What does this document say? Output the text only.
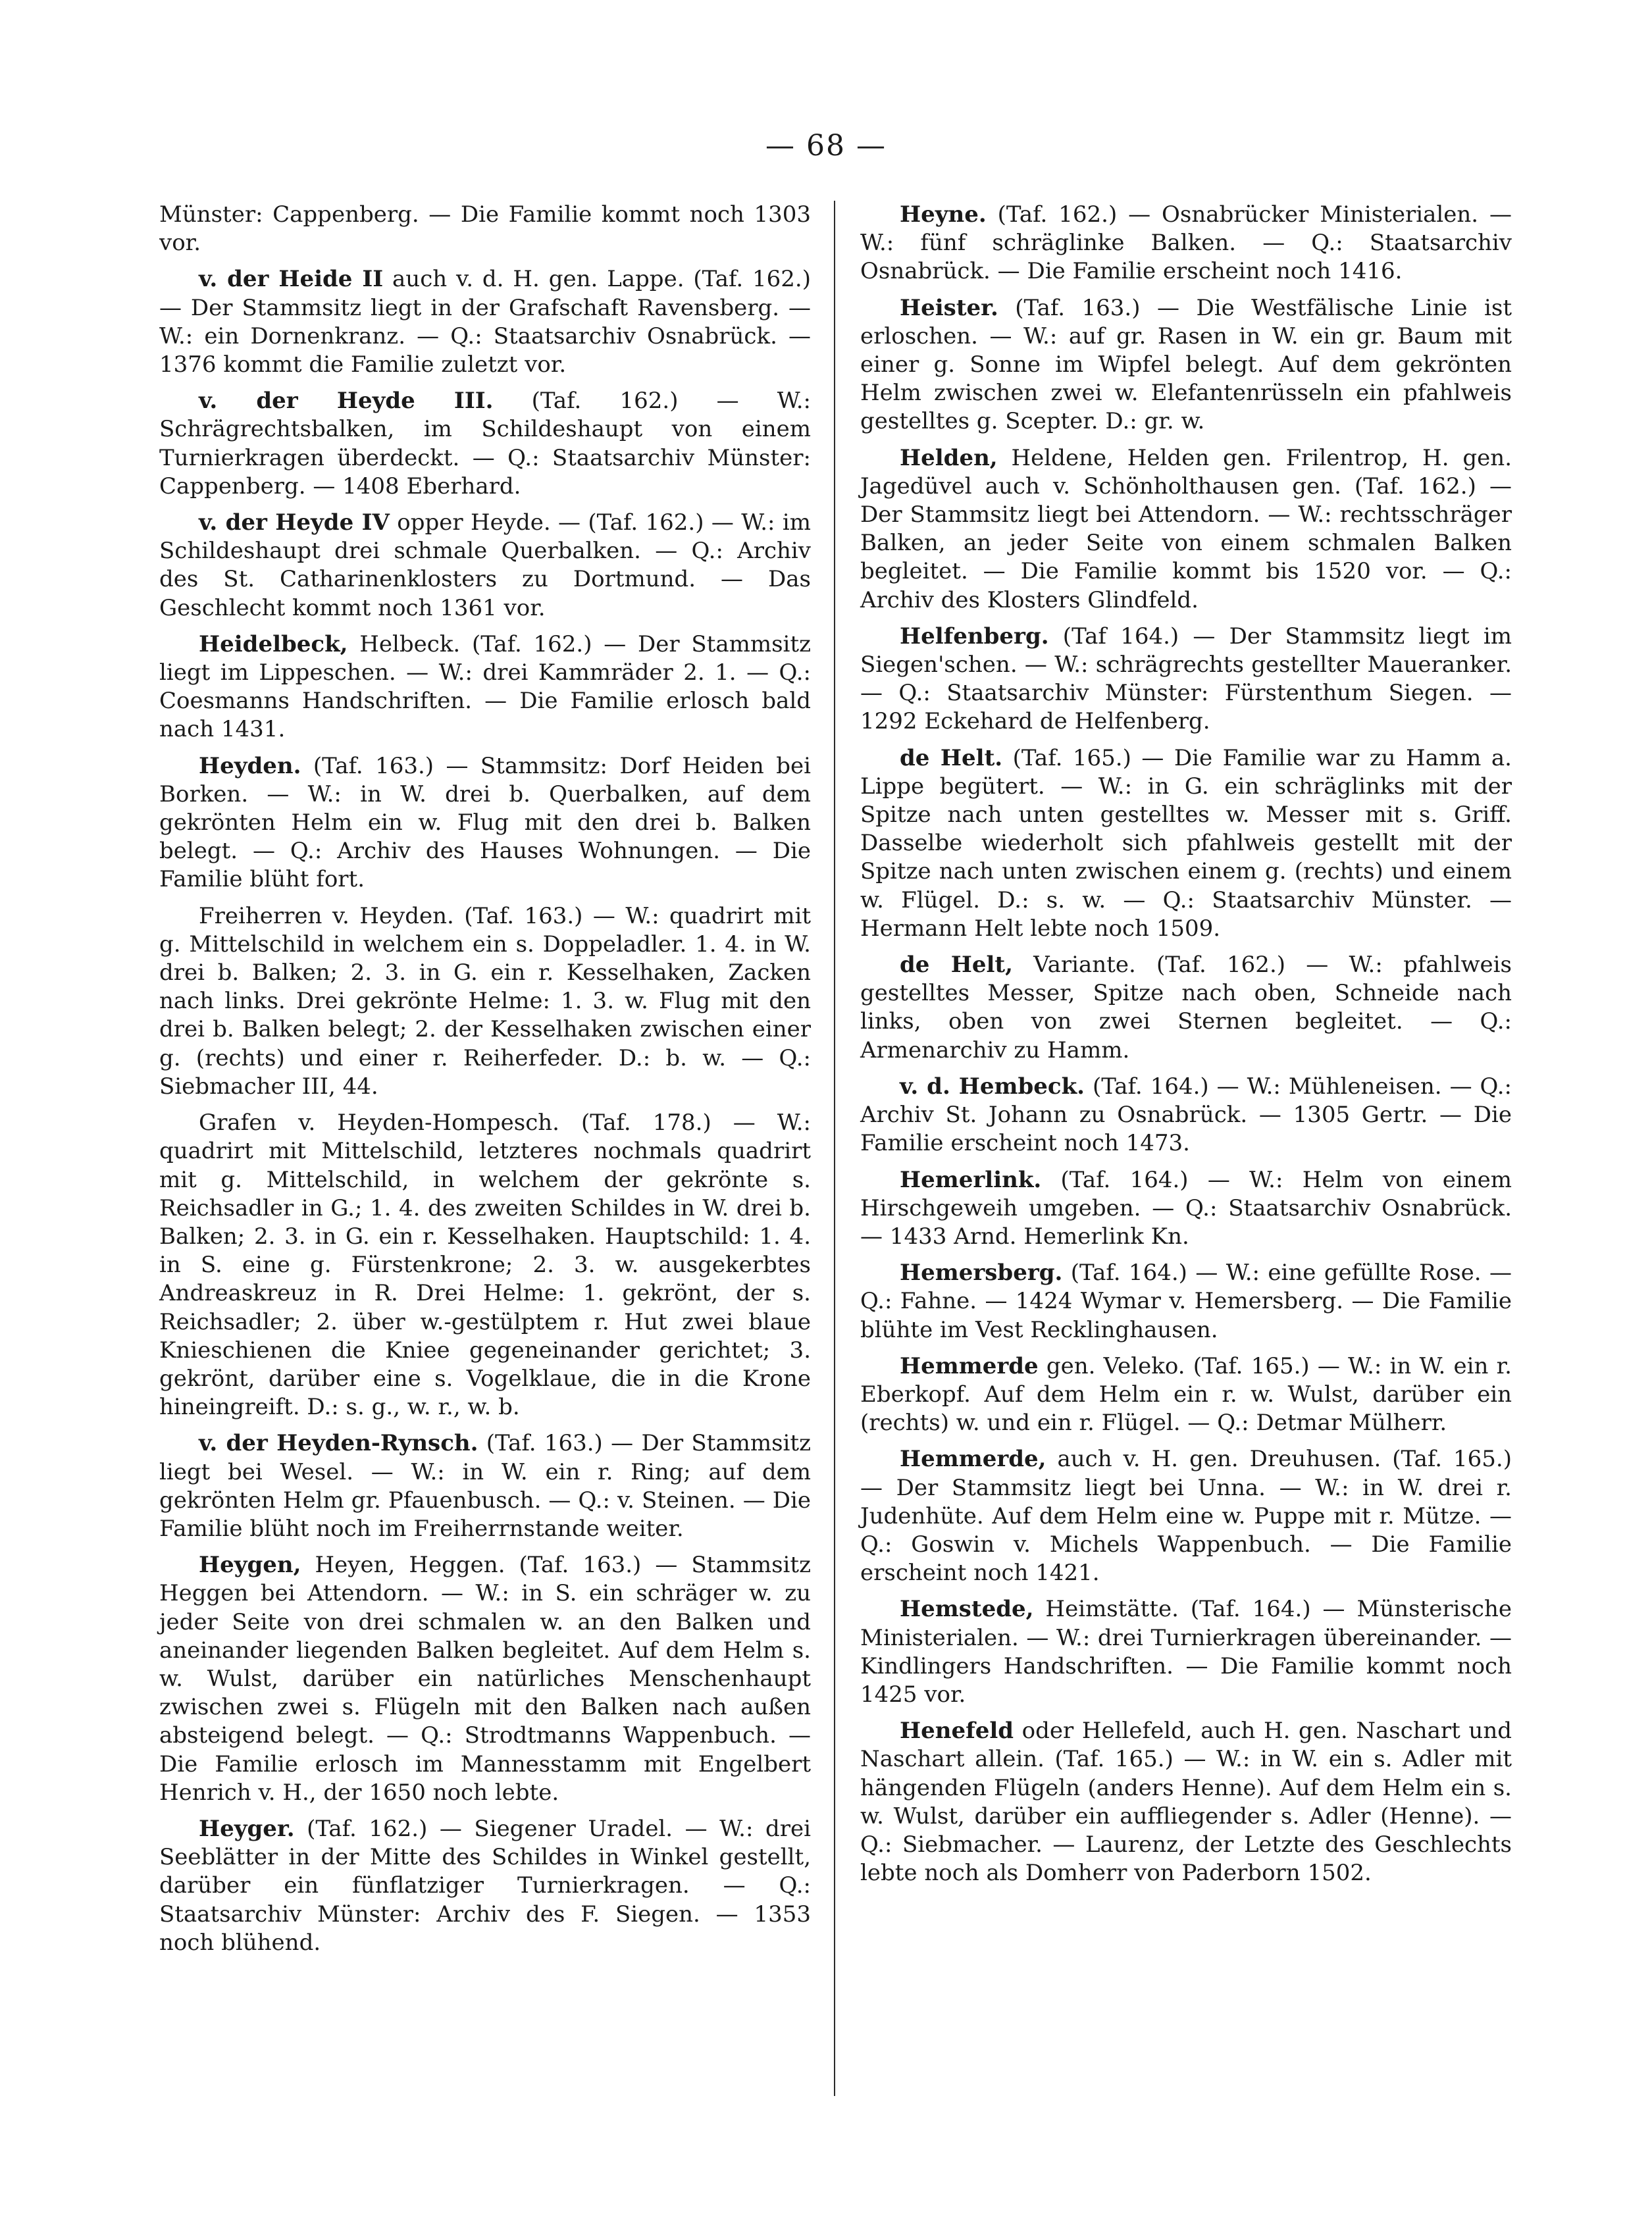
— 68 —

Münster: Cappenberg. — Die Familie kommt noch 1303 vor.

v. der Heide II auch v. d. H. gen. Lappe. (Taf. 162.) — Der Stammsitz liegt in der Grafschaft Ravensberg. — W.: ein Dornenkranz. — Q.: Staatsarchiv Osnabrück. — 1376 kommt die Familie zuletzt vor.

v. der Heyde III. (Taf. 162.) — W.: Schrägrechtsbalken, im Schildeshaupt von einem Turnierkragen überdeckt. — Q.: Staatsarchiv Münster: Cappenberg. — 1408 Eberhard.

v. der Heyde IV opper Heyde. — (Taf. 162.) — W.: im Schildeshaupt drei schmale Querbalken. — Q.: Archiv des St. Catharinenklosters zu Dortmund. — Das Geschlecht kommt noch 1361 vor.

Heidelbeck, Helbeck. (Taf. 162.) — Der Stammsitz liegt im Lippeschen. — W.: drei Kammräder 2. 1. — Q.: Coesmanns Handschriften. — Die Familie erlosch bald nach 1431.

Heyden. (Taf. 163.) — Stammsitz: Dorf Heiden bei Borken. — W.: in W. drei b. Querbalken, auf dem gekrönten Helm ein w. Flug mit den drei b. Balken belegt. — Q.: Archiv des Hauses Wohnungen. — Die Familie blüht fort.

Freiherren v. Heyden. (Taf. 163.) — W.: quadrirt mit g. Mittelschild in welchem ein s. Doppeladler. 1. 4. in W. drei b. Balken; 2. 3. in G. ein r. Kesselhaken, Zacken nach links. Drei gekrönte Helme: 1. 3. w. Flug mit den drei b. Balken belegt; 2. der Kesselhaken zwischen einer g. (rechts) und einer r. Reiherfeder. D.: b. w. — Q.: Siebmacher III, 44.

Grafen v. Heyden-Hompesch. (Taf. 178.) — W.: quadrirt mit Mittelschild, letzteres nochmals quadrirt mit g. Mittelschild, in welchem der gekrönte s. Reichsadler in G.; 1. 4. des zweiten Schildes in W. drei b. Balken; 2. 3. in G. ein r. Kesselhaken. Hauptschild: 1. 4. in S. eine g. Fürstenkrone; 2. 3. w. ausgekerbtes Andreaskreuz in R. Drei Helme: 1. gekrönt, der s. Reichsadler; 2. über w.-gestülptem r. Hut zwei blaue Knieschienen die Kniee gegeneinander gerichtet; 3. gekrönt, darüber eine s. Vogelklaue, die in die Krone hineingreift. D.: s. g., w. r., w. b.

v. der Heyden-Rynsch. (Taf. 163.) — Der Stammsitz liegt bei Wesel. — W.: in W. ein r. Ring; auf dem gekrönten Helm gr. Pfauenbusch. — Q.: v. Steinen. — Die Familie blüht noch im Freiherrnstande weiter.

Heygen, Heyen, Heggen. (Taf. 163.) — Stammsitz Heggen bei Attendorn. — W.: in S. ein schräger w. zu jeder Seite von drei schmalen w. an den Balken und aneinander liegenden Balken begleitet. Auf dem Helm s. w. Wulst, darüber ein natürliches Menschenhaupt zwischen zwei s. Flügeln mit den Balken nach außen absteigend belegt. — Q.: Strodtmanns Wappenbuch. — Die Familie erlosch im Mannesstamm mit Engelbert Henrich v. H., der 1650 noch lebte.

Heyger. (Taf. 162.) — Siegener Uradel. — W.: drei Seeblätter in der Mitte des Schildes in Winkel gestellt, darüber ein fünflatziger Turnierkragen. — Q.: Staatsarchiv Münster: Archiv des F. Siegen. — 1353 noch blühend.

Heyne. (Taf. 162.) — Osnabrücker Ministerialen. — W.: fünf schräglinke Balken. — Q.: Staatsarchiv Osnabrück. — Die Familie erscheint noch 1416.

Heister. (Taf. 163.) — Die Westfälische Linie ist erloschen. — W.: auf gr. Rasen in W. ein gr. Baum mit einer g. Sonne im Wipfel belegt. Auf dem gekrönten Helm zwischen zwei w. Elefantenrüsseln ein pfahlweis gestelltes g. Scepter. D.: gr. w.

Helden, Heldene, Helden gen. Frilentrop, H. gen. Jagedüvel auch v. Schönholthausen gen. (Taf. 162.) — Der Stammsitz liegt bei Attendorn. — W.: rechtsschräger Balken, an jeder Seite von einem schmalen Balken begleitet. — Die Familie kommt bis 1520 vor. — Q.: Archiv des Klosters Glindfeld.

Helfenberg. (Taf 164.) — Der Stammsitz liegt im Siegen'schen. — W.: schrägrechts gestellter Maueranker. — Q.: Staatsarchiv Münster: Fürstenthum Siegen. — 1292 Eckehard de Helfenberg.

de Helt. (Taf. 165.) — Die Familie war zu Hamm a. Lippe begütert. — W.: in G. ein schräglinks mit der Spitze nach unten gestelltes w. Messer mit s. Griff. Dasselbe wiederholt sich pfahlweis gestellt mit der Spitze nach unten zwischen einem g. (rechts) und einem w. Flügel. D.: s. w. — Q.: Staatsarchiv Münster. — Hermann Helt lebte noch 1509.

de Helt, Variante. (Taf. 162.) — W.: pfahlweis gestelltes Messer, Spitze nach oben, Schneide nach links, oben von zwei Sternen begleitet. — Q.: Armenarchiv zu Hamm.

v. d. Hembeck. (Taf. 164.) — W.: Mühleneisen. — Q.: Archiv St. Johann zu Osnabrück. — 1305 Gertr. — Die Familie erscheint noch 1473.

Hemerlink. (Taf. 164.) — W.: Helm von einem Hirschgeweih umgeben. — Q.: Staatsarchiv Osnabrück. — 1433 Arnd. Hemerlink Kn.

Hemersberg. (Taf. 164.) — W.: eine gefüllte Rose. — Q.: Fahne. — 1424 Wymar v. Hemersberg. — Die Familie blühte im Vest Recklinghausen.

Hemmerde gen. Veleko. (Taf. 165.) — W.: in W. ein r. Eberkopf. Auf dem Helm ein r. w. Wulst, darüber ein (rechts) w. und ein r. Flügel. — Q.: Detmar Mülherr.

Hemmerde, auch v. H. gen. Dreuhusen. (Taf. 165.) — Der Stammsitz liegt bei Unna. — W.: in W. drei r. Judenhüte. Auf dem Helm eine w. Puppe mit r. Mütze. — Q.: Goswin v. Michels Wappenbuch. — Die Familie erscheint noch 1421.

Hemstede, Heimstätte. (Taf. 164.) — Münsterische Ministerialen. — W.: drei Turnierkragen übereinander. — Kindlingers Handschriften. — Die Familie kommt noch 1425 vor.

Henefeld oder Hellefeld, auch H. gen. Naschart und Naschart allein. (Taf. 165.) — W.: in W. ein s. Adler mit hängenden Flügeln (anders Henne). Auf dem Helm ein s. w. Wulst, darüber ein auffliegender s. Adler (Henne). — Q.: Siebmacher. — Laurenz, der Letzte des Geschlechts lebte noch als Domherr von Paderborn 1502.
